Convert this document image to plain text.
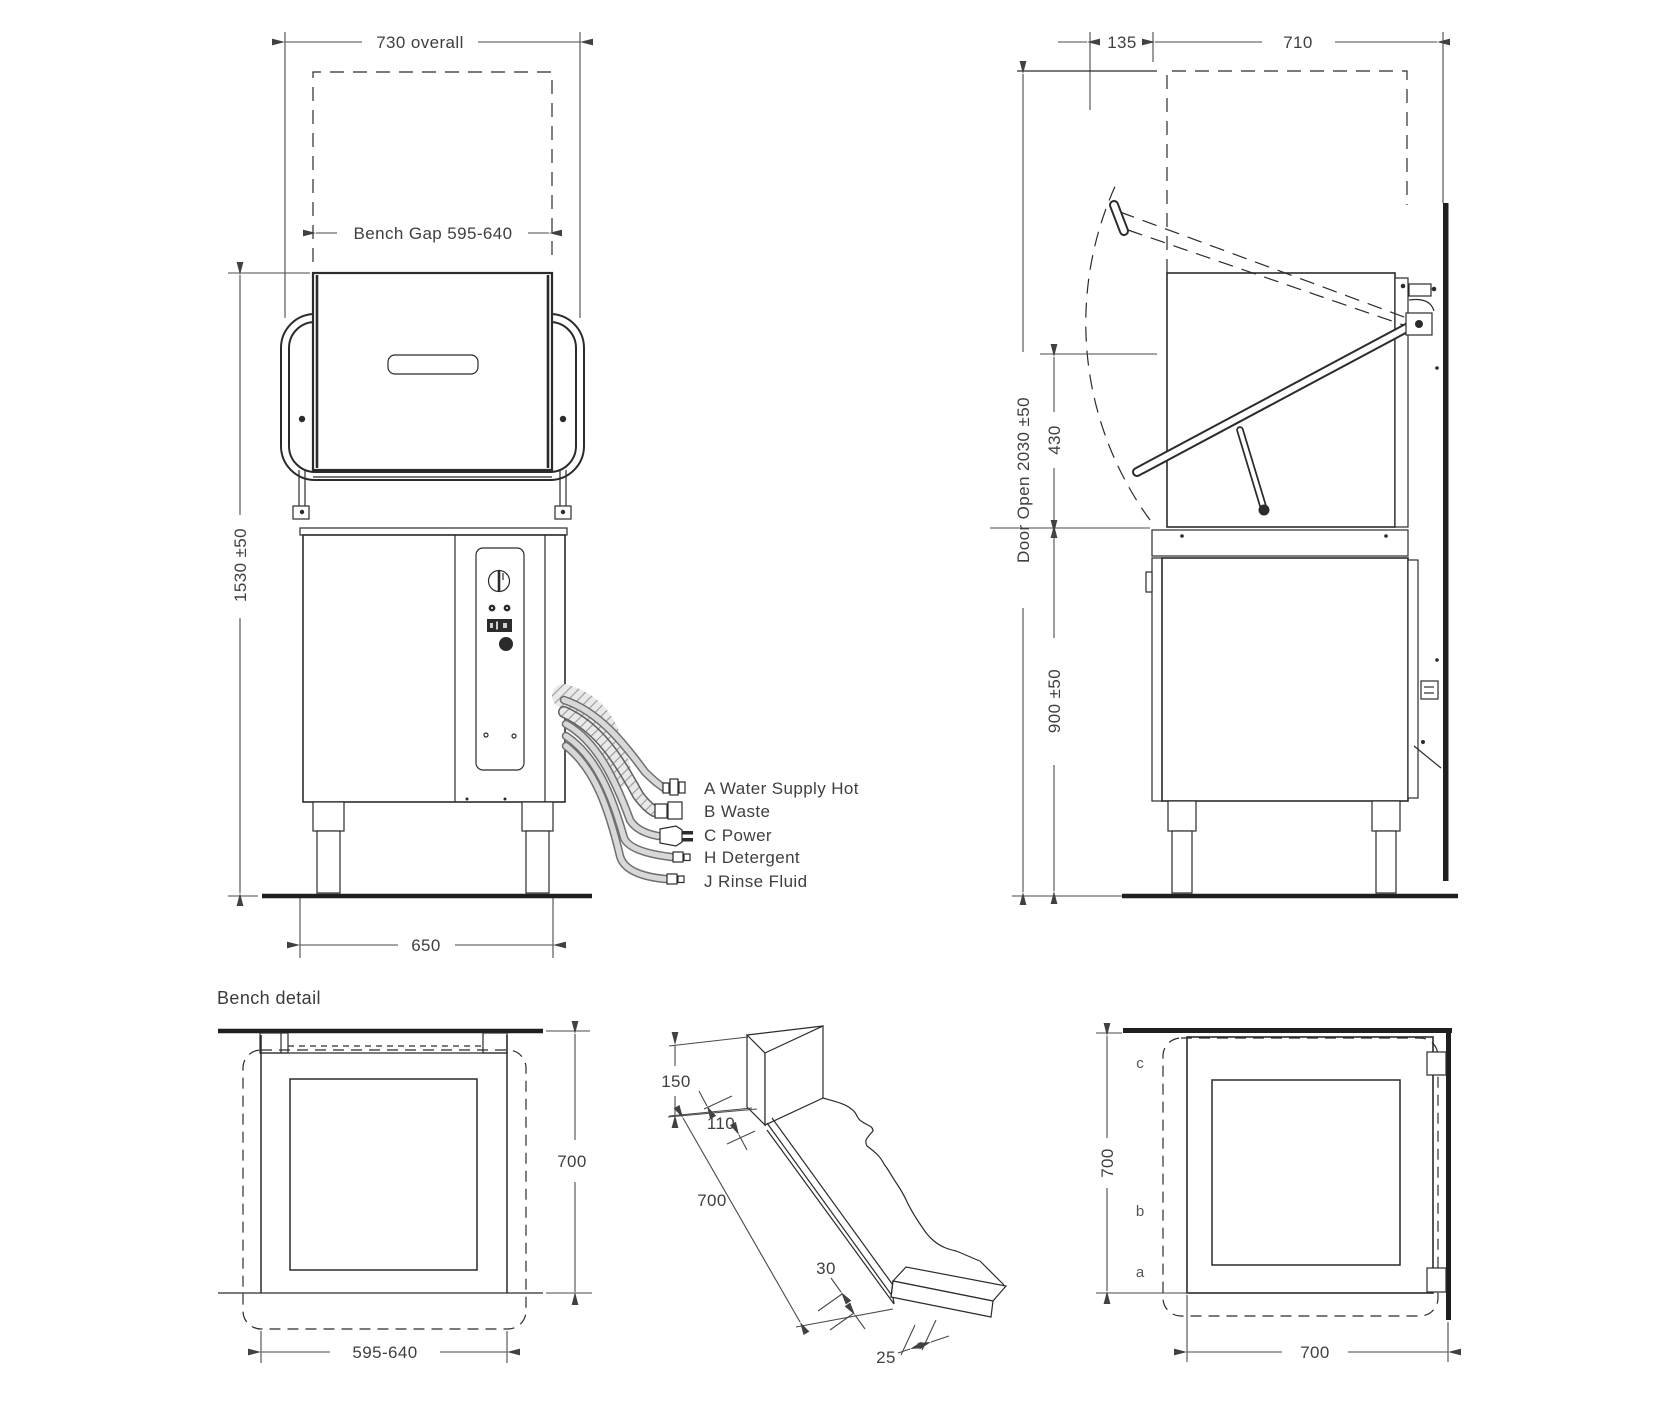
730 overall
Bench Gap 595-640
1530 ±50
650
A Water Supply Hot
B Waste
C Power
H Detergent
J Rinse Fluid
135	710
Door Open 2030 ±50 430
900 ±50
Bench detail
700
595-640
150
110
700
30
25
c
b
a
700
700
